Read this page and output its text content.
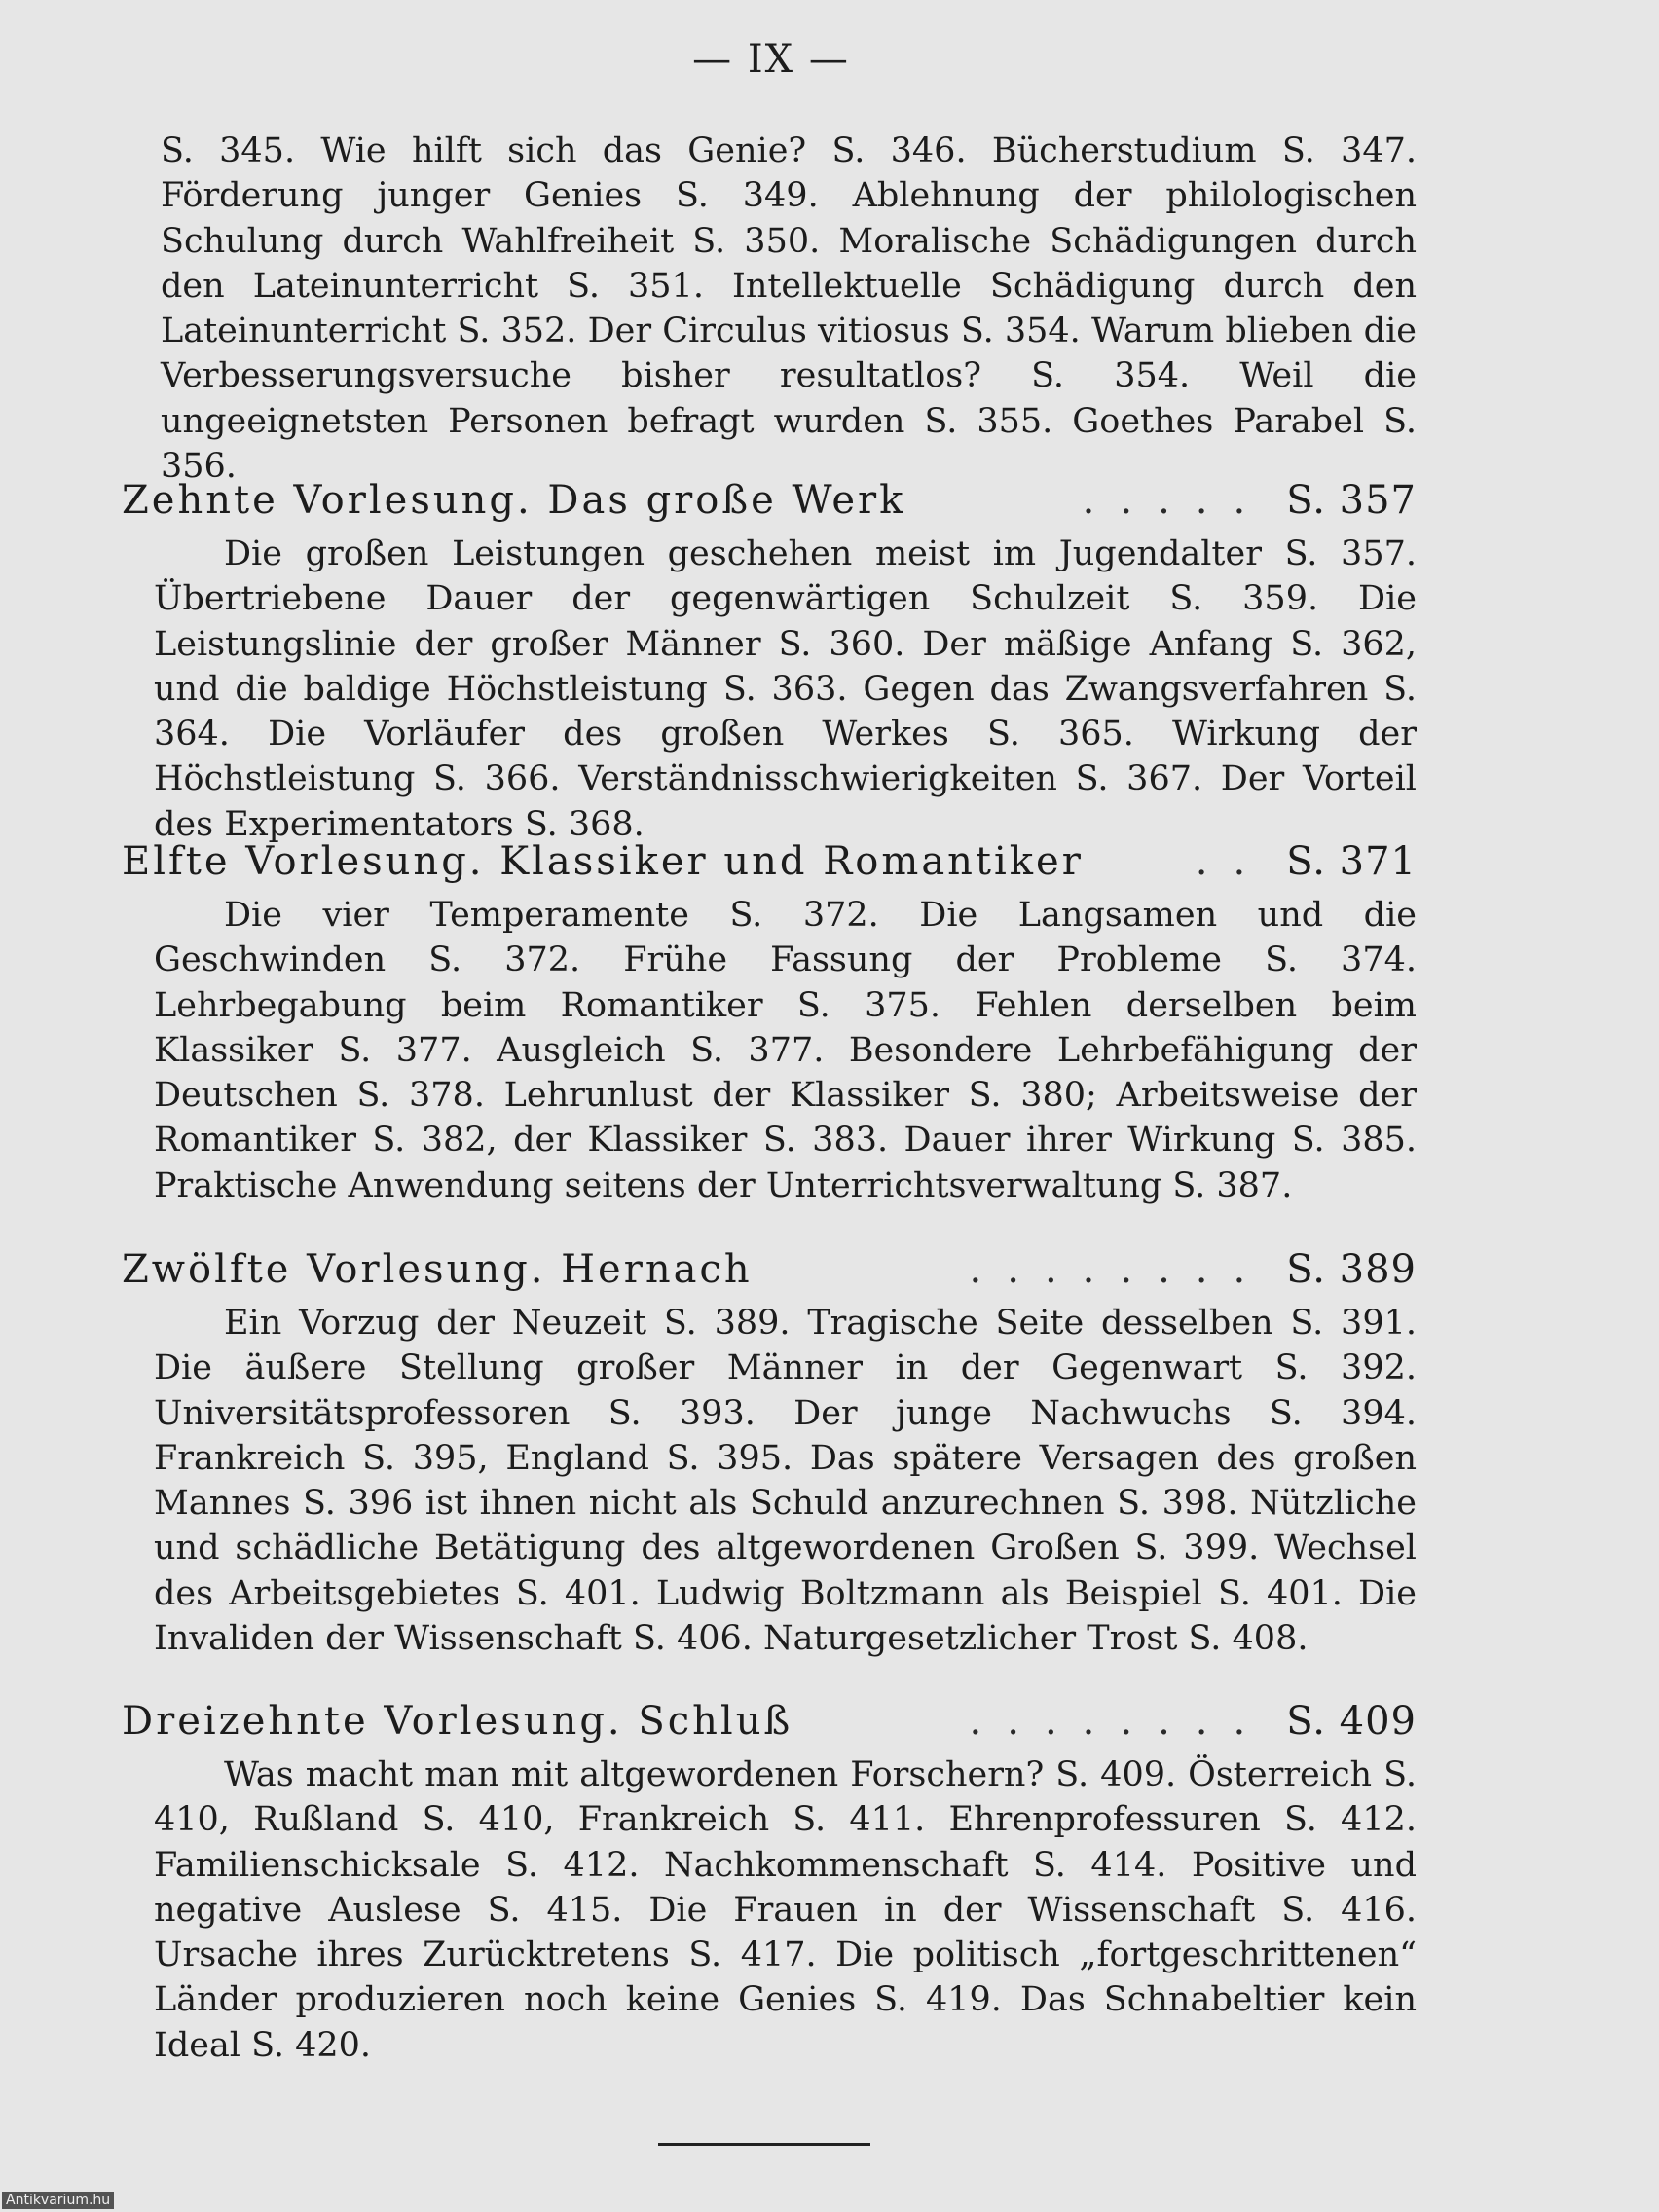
— IX —

S. 345. Wie hilft sich das Genie? S. 346. Bücherstudium S. 347. Förderung junger Genies S. 349. Ablehnung der philologischen Schulung durch Wahlfreiheit S. 350. Moralische Schädigungen durch den Lateinunterricht S. 351. Intellektuelle Schädigung durch den Lateinunterricht S. 352. Der Circulus vitiosus S. 354. Warum blieben die Verbesserungsversuche bisher resultatlos? S. 354. Weil die ungeeignetsten Personen befragt wurden S. 355. Goethes Parabel S. 356.

Zehnte Vorlesung. Das große Werk	..... S. 357

Die großen Leistungen geschehen meist im Jugendalter S. 357. Übertriebene Dauer der gegenwärtigen Schulzeit S. 359. Die Leistungslinie der großer Männer S. 360. Der mäßige Anfang S. 362, und die baldige Höchstleistung S. 363. Gegen das Zwangsverfahren S. 364. Die Vorläufer des großen Werkes S. 365. Wirkung der Höchstleistung S. 366. Verständnisschwierigkeiten S. 367. Der Vorteil des Experimentators S. 368.

Elfte Vorlesung. Klassiker und Romantiker	.. S. 371

Die vier Temperamente S. 372. Die Langsamen und die Geschwinden S. 372. Frühe Fassung der Probleme S. 374. Lehrbegabung beim Romantiker S. 375. Fehlen derselben beim Klassiker S. 377. Ausgleich S. 377. Besondere Lehrbefähigung der Deutschen S. 378. Lehrunlust der Klassiker S. 380; Arbeitsweise der Romantiker S. 382, der Klassiker S. 383. Dauer ihrer Wirkung S. 385. Praktische Anwendung seitens der Unterrichtsverwaltung S. 387.

Zwölfte Vorlesung. Hernach	........ S. 389

Ein Vorzug der Neuzeit S. 389. Tragische Seite desselben S. 391. Die äußere Stellung großer Männer in der Gegenwart S. 392. Universitätsprofessoren S. 393. Der junge Nachwuchs S. 394. Frankreich S. 395, England S. 395. Das spätere Versagen des großen Mannes S. 396 ist ihnen nicht als Schuld anzurechnen S. 398. Nützliche und schädliche Betätigung des altgewordenen Großen S. 399. Wechsel des Arbeitsgebietes S. 401. Ludwig Boltzmann als Beispiel S. 401. Die Invaliden der Wissenschaft S. 406. Naturgesetzlicher Trost S. 408.

Dreizehnte Vorlesung. Schluß	........ S. 409

Was macht man mit altgewordenen Forschern? S. 409. Österreich S. 410, Rußland S. 410, Frankreich S. 411. Ehrenprofessuren S. 412. Familienschicksale S. 412. Nachkommenschaft S. 414. Positive und negative Auslese S. 415. Die Frauen in der Wissenschaft S. 416. Ursache ihres Zurücktretens S. 417. Die politisch „fortgeschrittenen“ Länder produzieren noch keine Genies S. 419. Das Schnabeltier kein Ideal S. 420.

Antikvarium.hu
